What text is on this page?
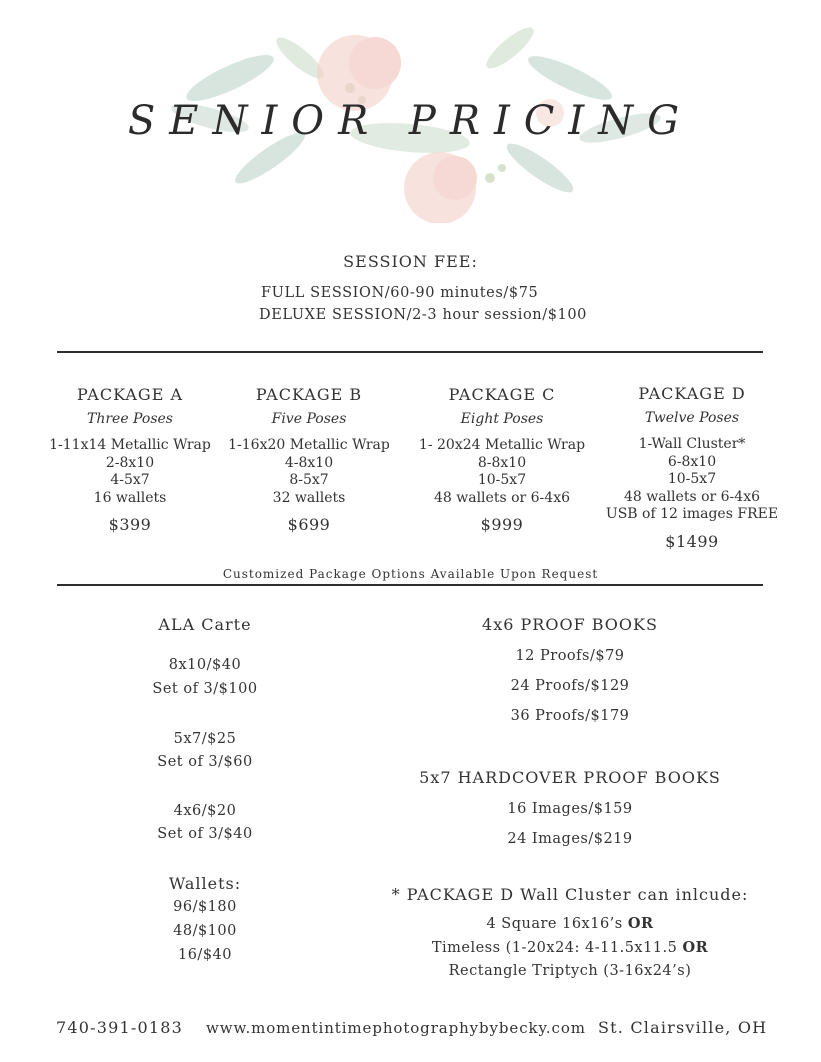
SENIOR PRICING
SESSION FEE:
FULL SESSION/60-90 minutes/$75
DELUXE SESSION/2-3 hour session/$100
PACKAGE A
Three Poses
1-11x14 Metallic Wrap
2-8x10
4-5x7
16 wallets
$399
PACKAGE B
Five Poses
1-16x20 Metallic Wrap
4-8x10
8-5x7
32 wallets
$699
PACKAGE C
Eight Poses
1- 20x24 Metallic Wrap
8-8x10
10-5x7
48 wallets or 6-4x6
$999
PACKAGE D
Twelve Poses
1-Wall Cluster*
6-8x10
10-5x7
48 wallets or 6-4x6
USB of 12 images FREE
$1499
Customized Package Options Available Upon Request
ALA Carte
8x10/$40
Set of 3/$100
5x7/$25
Set of 3/$60
4x6/$20
Set of 3/$40
Wallets:
96/$180
48/$100
16/$40
4x6 PROOF BOOKS
12 Proofs/$79
24 Proofs/$129
36 Proofs/$179
5x7 HARDCOVER PROOF BOOKS
16 Images/$159
24 Images/$219
* PACKAGE D Wall Cluster can inlcude:
4 Square 16x16’s OR
Timeless (1-20x24: 4-11.5x11.5 OR
Rectangle Triptych (3-16x24’s)
740-391-0183 www.momentintimephotographybybecky.com St. Clairsville, OH
